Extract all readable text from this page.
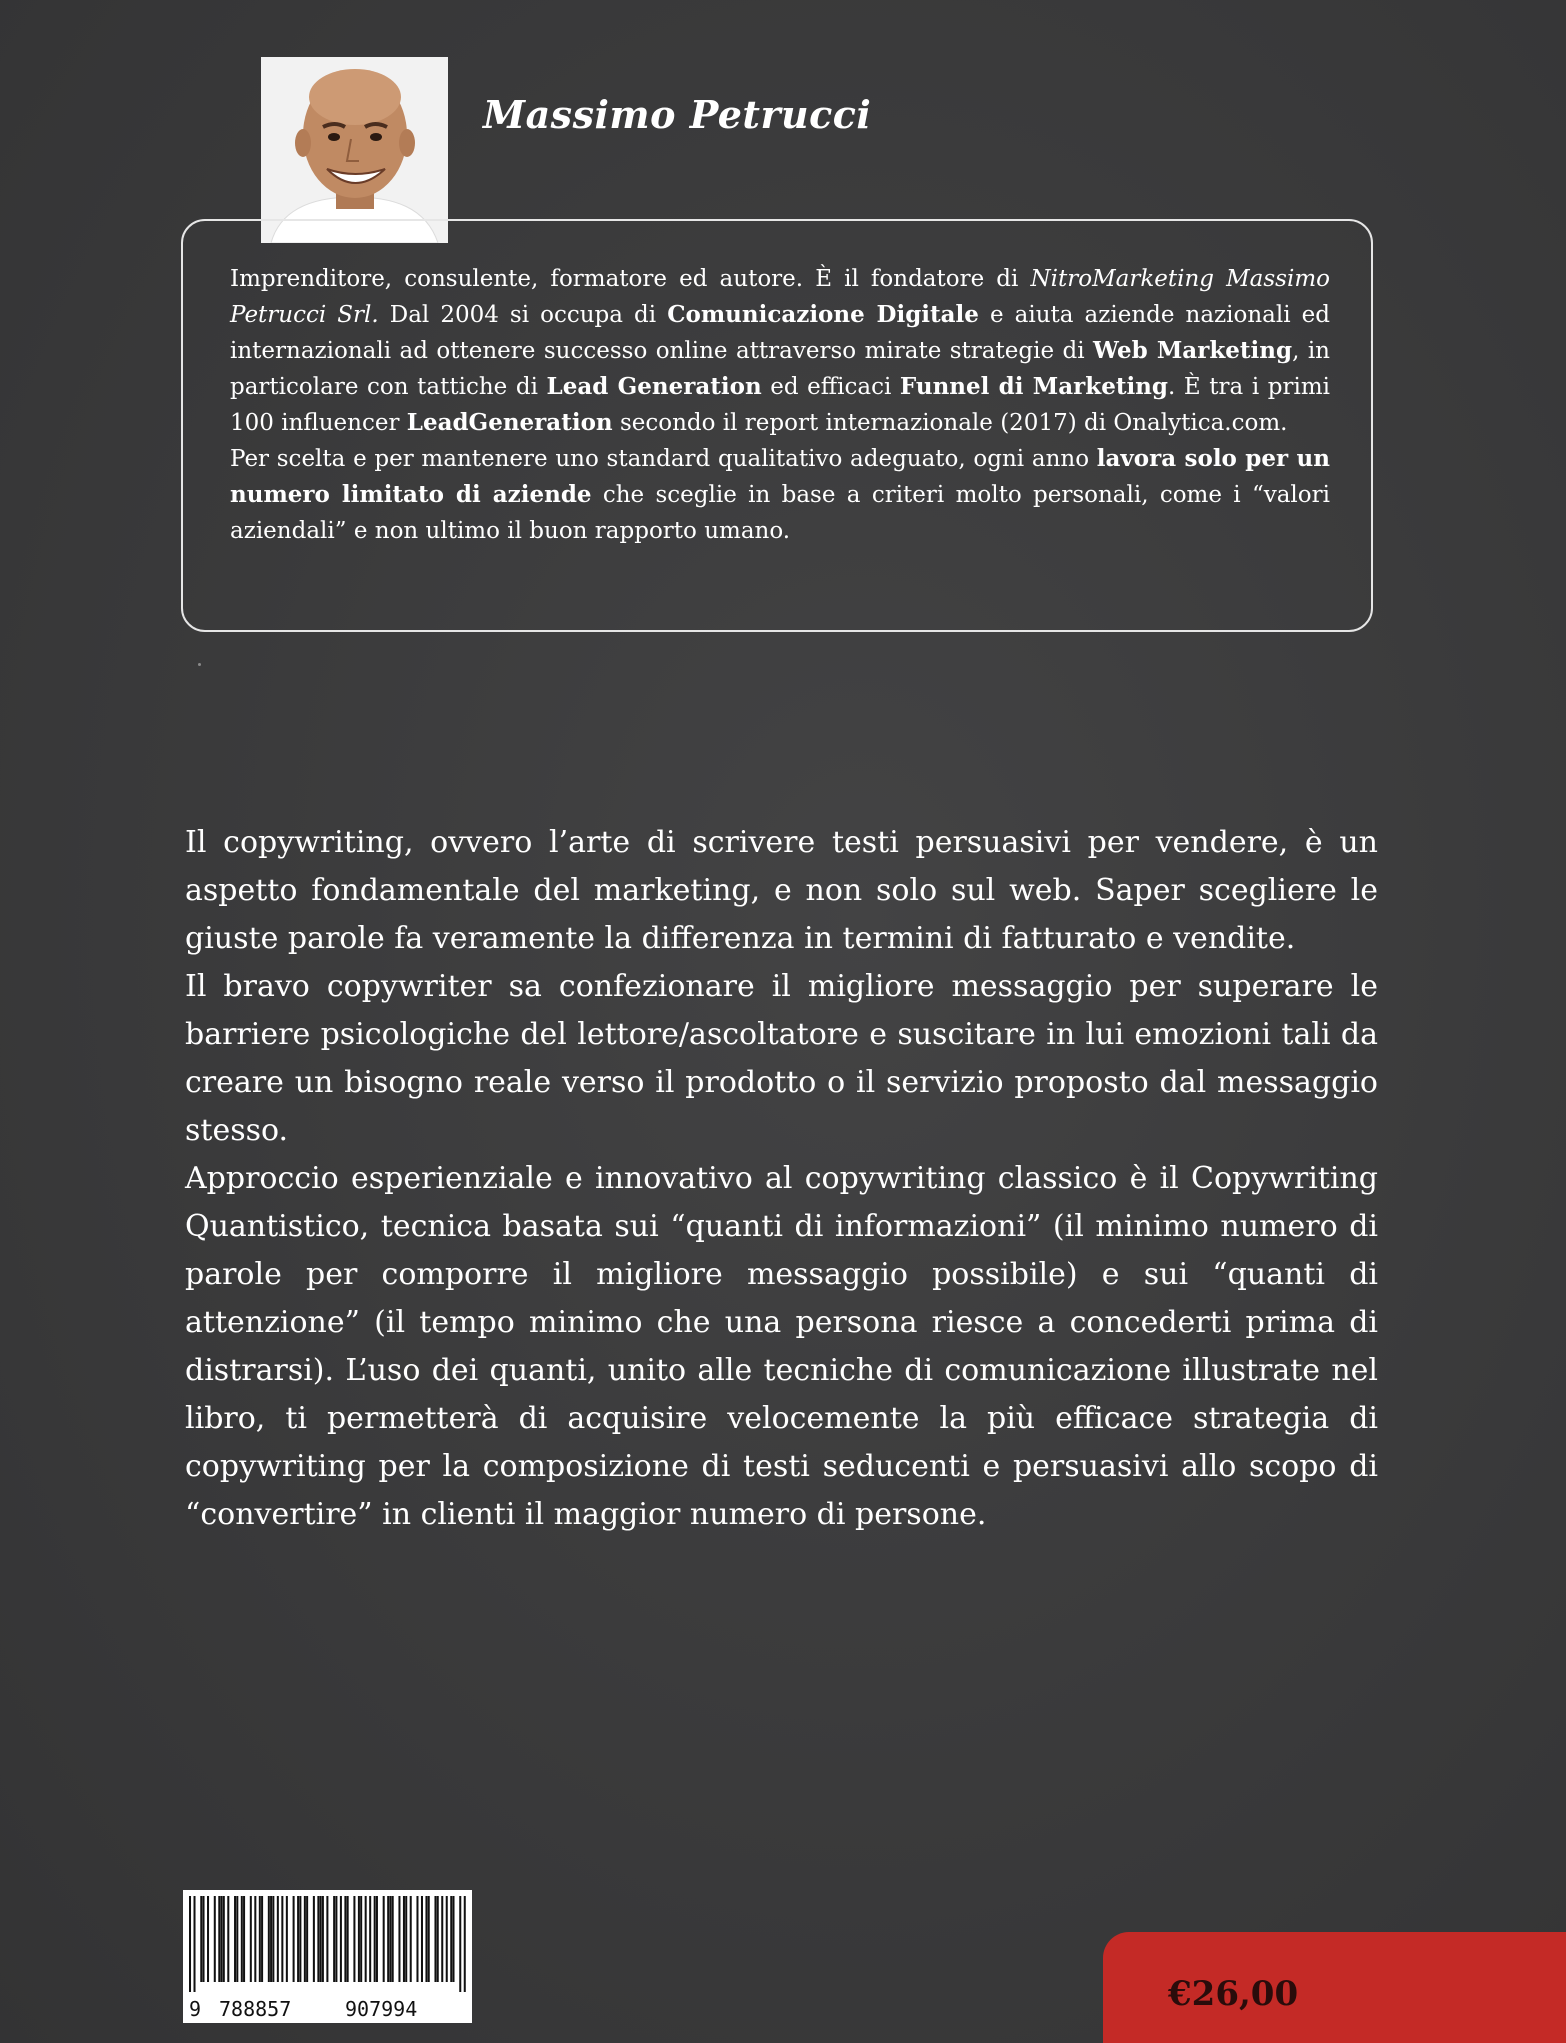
Massimo Petrucci

Imprenditore, consulente, formatore ed autore. È il fondatore di NitroMarketing Massimo Petrucci Srl. Dal 2004 si occupa di Comunicazione Digitale e aiuta aziende nazionali ed internazionali ad ottenere successo online attraverso mirate strategie di Web Marketing, in particolare con tattiche di Lead Generation ed efficaci Funnel di Marketing. È tra i primi 100 influencer LeadGeneration secondo il report internazionale (2017) di Onalytica.com.

Per scelta e per mantenere uno standard qualitativo adeguato, ogni anno lavora solo per un numero limitato di aziende che sceglie in base a criteri molto personali, come i “valori aziendali” e non ultimo il buon rapporto umano.

Il copywriting, ovvero l’arte di scrivere testi persuasivi per vendere, è un aspetto fondamentale del marketing, e non solo sul web. Saper scegliere le giuste parole fa veramente la differenza in termini di fatturato e vendite.

Il bravo copywriter sa confezionare il migliore messaggio per superare le barriere psicologiche del lettore/ascoltatore e suscitare in lui emozioni tali da creare un bisogno reale verso il prodotto o il servizio proposto dal messaggio stesso.

Approccio esperienziale e innovativo al copywriting classico è il Copywriting Quantistico, tecnica basata sui “quanti di informazioni” (il minimo numero di parole per comporre il migliore messaggio possibile) e sui “quanti di attenzione” (il tempo minimo che una persona riesce a concederti prima di distrarsi). L’uso dei quanti, unito alle tecniche di comunicazione illustrate nel libro, ti permetterà di acquisire velocemente la più efficace strategia di copywriting per la composizione di testi seducenti e persuasivi allo scopo di “convertire” in clienti il maggior numero di persone.

9 788857	907994	€26,00
